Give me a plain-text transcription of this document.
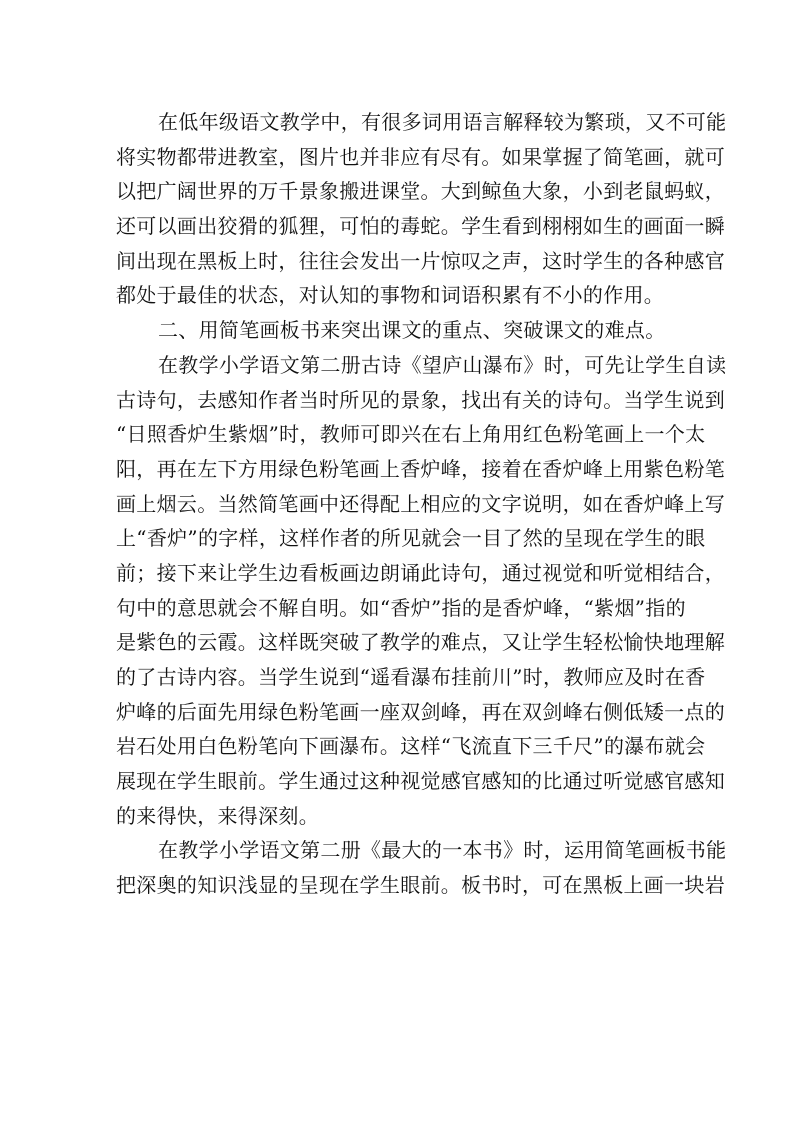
在低年级语文教学中，有很多词用语言解释较为繁琐，又不可能
将实物都带进教室，图片也并非应有尽有。如果掌握了简笔画，就可
以把广阔世界的万千景象搬进课堂。大到鲸鱼大象，小到老鼠蚂蚁，
还可以画出狡猾的狐狸，可怕的毒蛇。学生看到栩栩如生的画面一瞬
间出现在黑板上时，往往会发出一片惊叹之声，这时学生的各种感官
都处于最佳的状态，对认知的事物和词语积累有不小的作用。
二、用简笔画板书来突出课文的重点、突破课文的难点。
在教学小学语文第二册古诗《望庐山瀑布》时，可先让学生自读
古诗句，去感知作者当时所见的景象，找出有关的诗句。当学生说到
“日照香炉生紫烟”时，教师可即兴在右上角用红色粉笔画上一个太
阳，再在左下方用绿色粉笔画上香炉峰，接着在香炉峰上用紫色粉笔
画上烟云。当然简笔画中还得配上相应的文字说明，如在香炉峰上写
上“香炉”的字样，这样作者的所见就会一目了然的呈现在学生的眼
前；接下来让学生边看板画边朗诵此诗句，通过视觉和听觉相结合，
句中的意思就会不解自明。如“香炉”指的是香炉峰，“紫烟”指的
是紫色的云霞。这样既突破了教学的难点，又让学生轻松愉快地理解
的了古诗内容。当学生说到“遥看瀑布挂前川”时，教师应及时在香
炉峰的后面先用绿色粉笔画一座双剑峰，再在双剑峰右侧低矮一点的
岩石处用白色粉笔向下画瀑布。这样“飞流直下三千尺”的瀑布就会
展现在学生眼前。学生通过这种视觉感官感知的比通过听觉感官感知
的来得快，来得深刻。
在教学小学语文第二册《最大的一本书》时，运用简笔画板书能
把深奥的知识浅显的呈现在学生眼前。板书时，可在黑板上画一块岩
